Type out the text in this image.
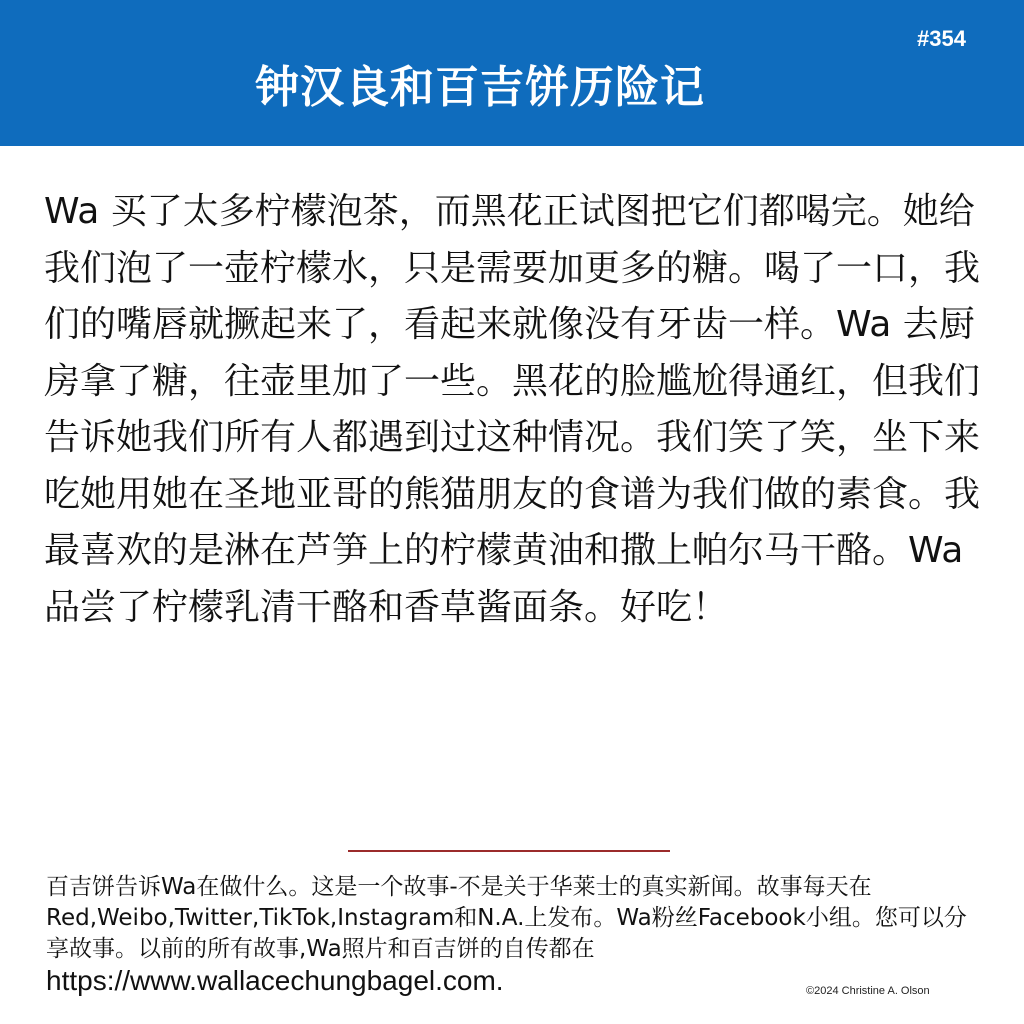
#354
钟汉良和百吉饼历险记
Wa 买了太多柠檬泡茶，而黑花正试图把它们都喝完。她给我们泡了一壶柠檬水，只是需要加更多的糖。喝了一口，我们的嘴唇就撅起来了，看起来就像没有牙齿一样。Wa 去厨房拿了糖，往壶里加了一些。黑花的脸尴尬得通红，但我们告诉她我们所有人都遇到过这种情况。我们笑了笑，坐下来吃她用她在圣地亚哥的熊猫朋友的食谱为我们做的素食。我最喜欢的是淋在芦笋上的柠檬黄油和撒上帕尔马干酪。Wa 品尝了柠檬乳清干酪和香草酱面条。好吃！
百吉饼告诉Wa在做什么。这是一个故事-不是关于华莱士的真实新闻。故事每天在Red,Weibo,Twitter,TikTok,Instagram和N.A.上发布。Wa粉丝Facebook小组。您可以分享故事。以前的所有故事,Wa照片和百吉饼的自传都在
https://www.wallacechungbagel.com.	©2024 Christine A. Olson
